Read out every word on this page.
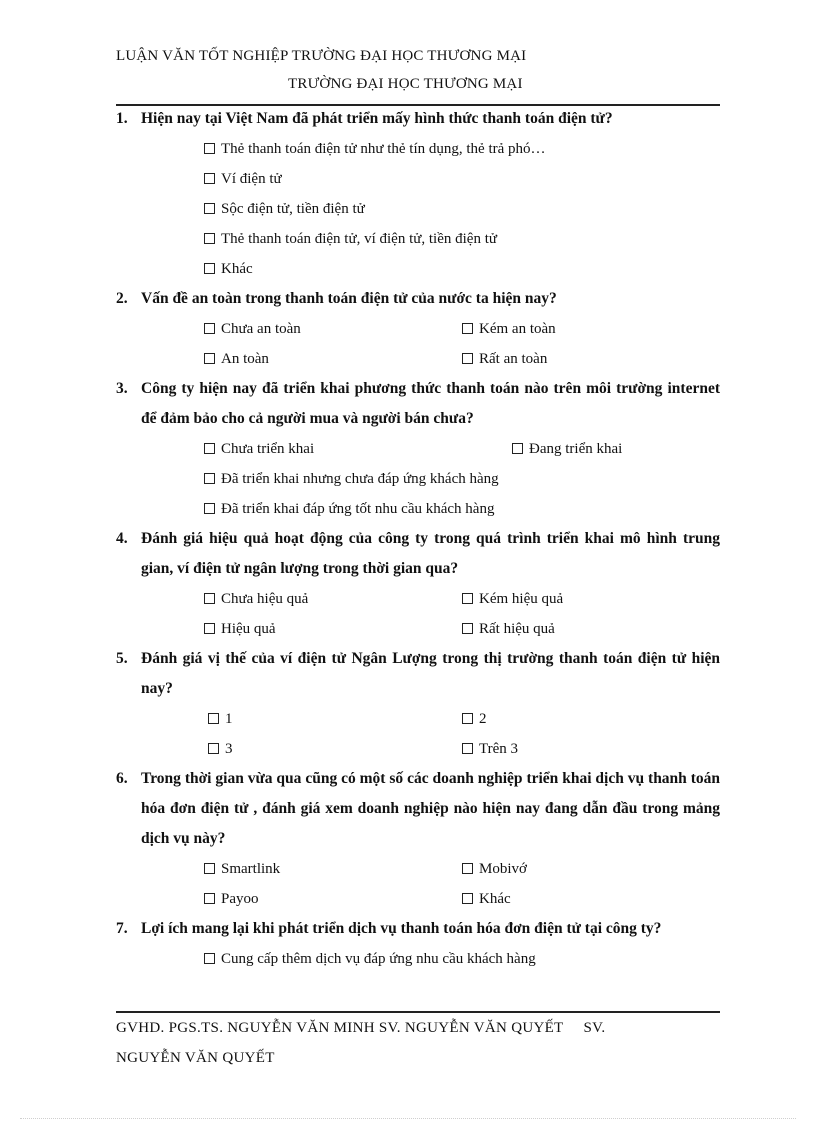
LUẬN VĂN TỐT NGHIỆP TRƯỜNG ĐẠI HỌC THƯƠNG MẠI
TRƯỜNG ĐẠI HỌC THƯƠNG MẠI
1. Hiện nay tại Việt Nam đã phát triển mấy hình thức thanh toán điện tử?
Thẻ thanh toán điện tử như thẻ tín dụng, thẻ trả phó…
Ví điện tử
Sộc điện tử, tiền điện tử
Thẻ thanh toán điện tử, ví điện tử, tiền điện tử
Khác
2. Vấn đề an toàn trong thanh toán điện tử của nước ta hiện nay?
Chưa an toàn	Kém an toàn
An toàn	Rất an toàn
3. Công ty hiện nay đã triển khai phương thức thanh toán nào trên môi trường internet để đảm bảo cho cả người mua và người bán chưa?
Chưa triển khai	Đang triển khai
Đã triển khai nhưng chưa đáp ứng khách hàng
Đã triển khai đáp ứng tốt nhu cầu khách hàng
4. Đánh giá hiệu quả hoạt động của công ty trong quá trình triển khai mô hình trung gian, ví điện tử ngân lượng trong thời gian qua?
Chưa hiệu quả	Kém hiệu quả
Hiệu quả	Rất hiệu quả
5. Đánh giá vị thế của ví điện tử Ngân Lượng trong thị trường thanh toán điện tử hiện nay?
1	2
3	Trên 3
6. Trong thời gian vừa qua cũng có một số các doanh nghiệp triển khai dịch vụ thanh toán hóa đơn điện tử , đánh giá xem doanh nghiệp nào hiện nay đang dẫn đầu trong mảng dịch vụ này?
Smartlink	Mobivớ
Payoo	Khác
7. Lợi ích mang lại khi phát triển dịch vụ thanh toán hóa đơn điện tử tại công ty?
Cung cấp thêm dịch vụ đáp ứng nhu cầu khách hàng
GVHD. PGS.TS. NGUYỄN VĂN MINH SV. NGUYỄN VĂN QUYẾT     SV.
NGUYỄN VĂN QUYẾT
